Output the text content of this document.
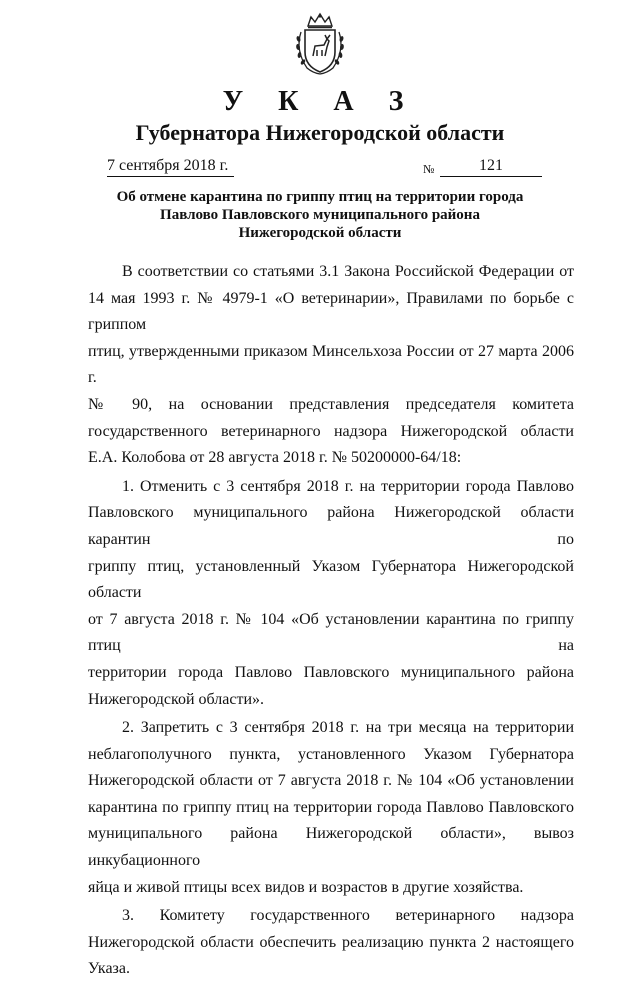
У К А З
Губернатора Нижегородской области
7 сентября 2018 г.	№	121
Об отмене карантина по гриппу птиц на территории города
Павлово Павловского муниципального района
Нижегородской области

В соответствии со статьями 3.1 Закона Российской Федерации от
14 мая 1993 г. № 4979-1 «О ветеринарии», Правилами по борьбе с гриппом
птиц, утвержденными приказом Минсельхоза России от 27 марта 2006 г.
№ 90, на основании представления председателя комитета
государственного ветеринарного надзора Нижегородской области
Е.А. Колобова от 28 августа 2018 г. № 50200000-64/18:

1. Отменить с 3 сентября 2018 г. на территории города Павлово
Павловского муниципального района Нижегородской области карантин по
гриппу птиц, установленный Указом Губернатора Нижегородской области
от 7 августа 2018 г. № 104 «Об установлении карантина по гриппу птиц на
территории города Павлово Павловского муниципального района
Нижегородской области».

2. Запретить с 3 сентября 2018 г. на три месяца на территории
неблагополучного пункта, установленного Указом Губернатора
Нижегородской области от 7 августа 2018 г. № 104 «Об установлении
карантина по гриппу птиц на территории города Павлово Павловского
муниципального района Нижегородской области», вывоз инкубационного
яйца и живой птицы всех видов и возрастов в другие хозяйства.

3. Комитету государственного ветеринарного надзора
Нижегородской области обеспечить реализацию пункта 2 настоящего
Указа.
